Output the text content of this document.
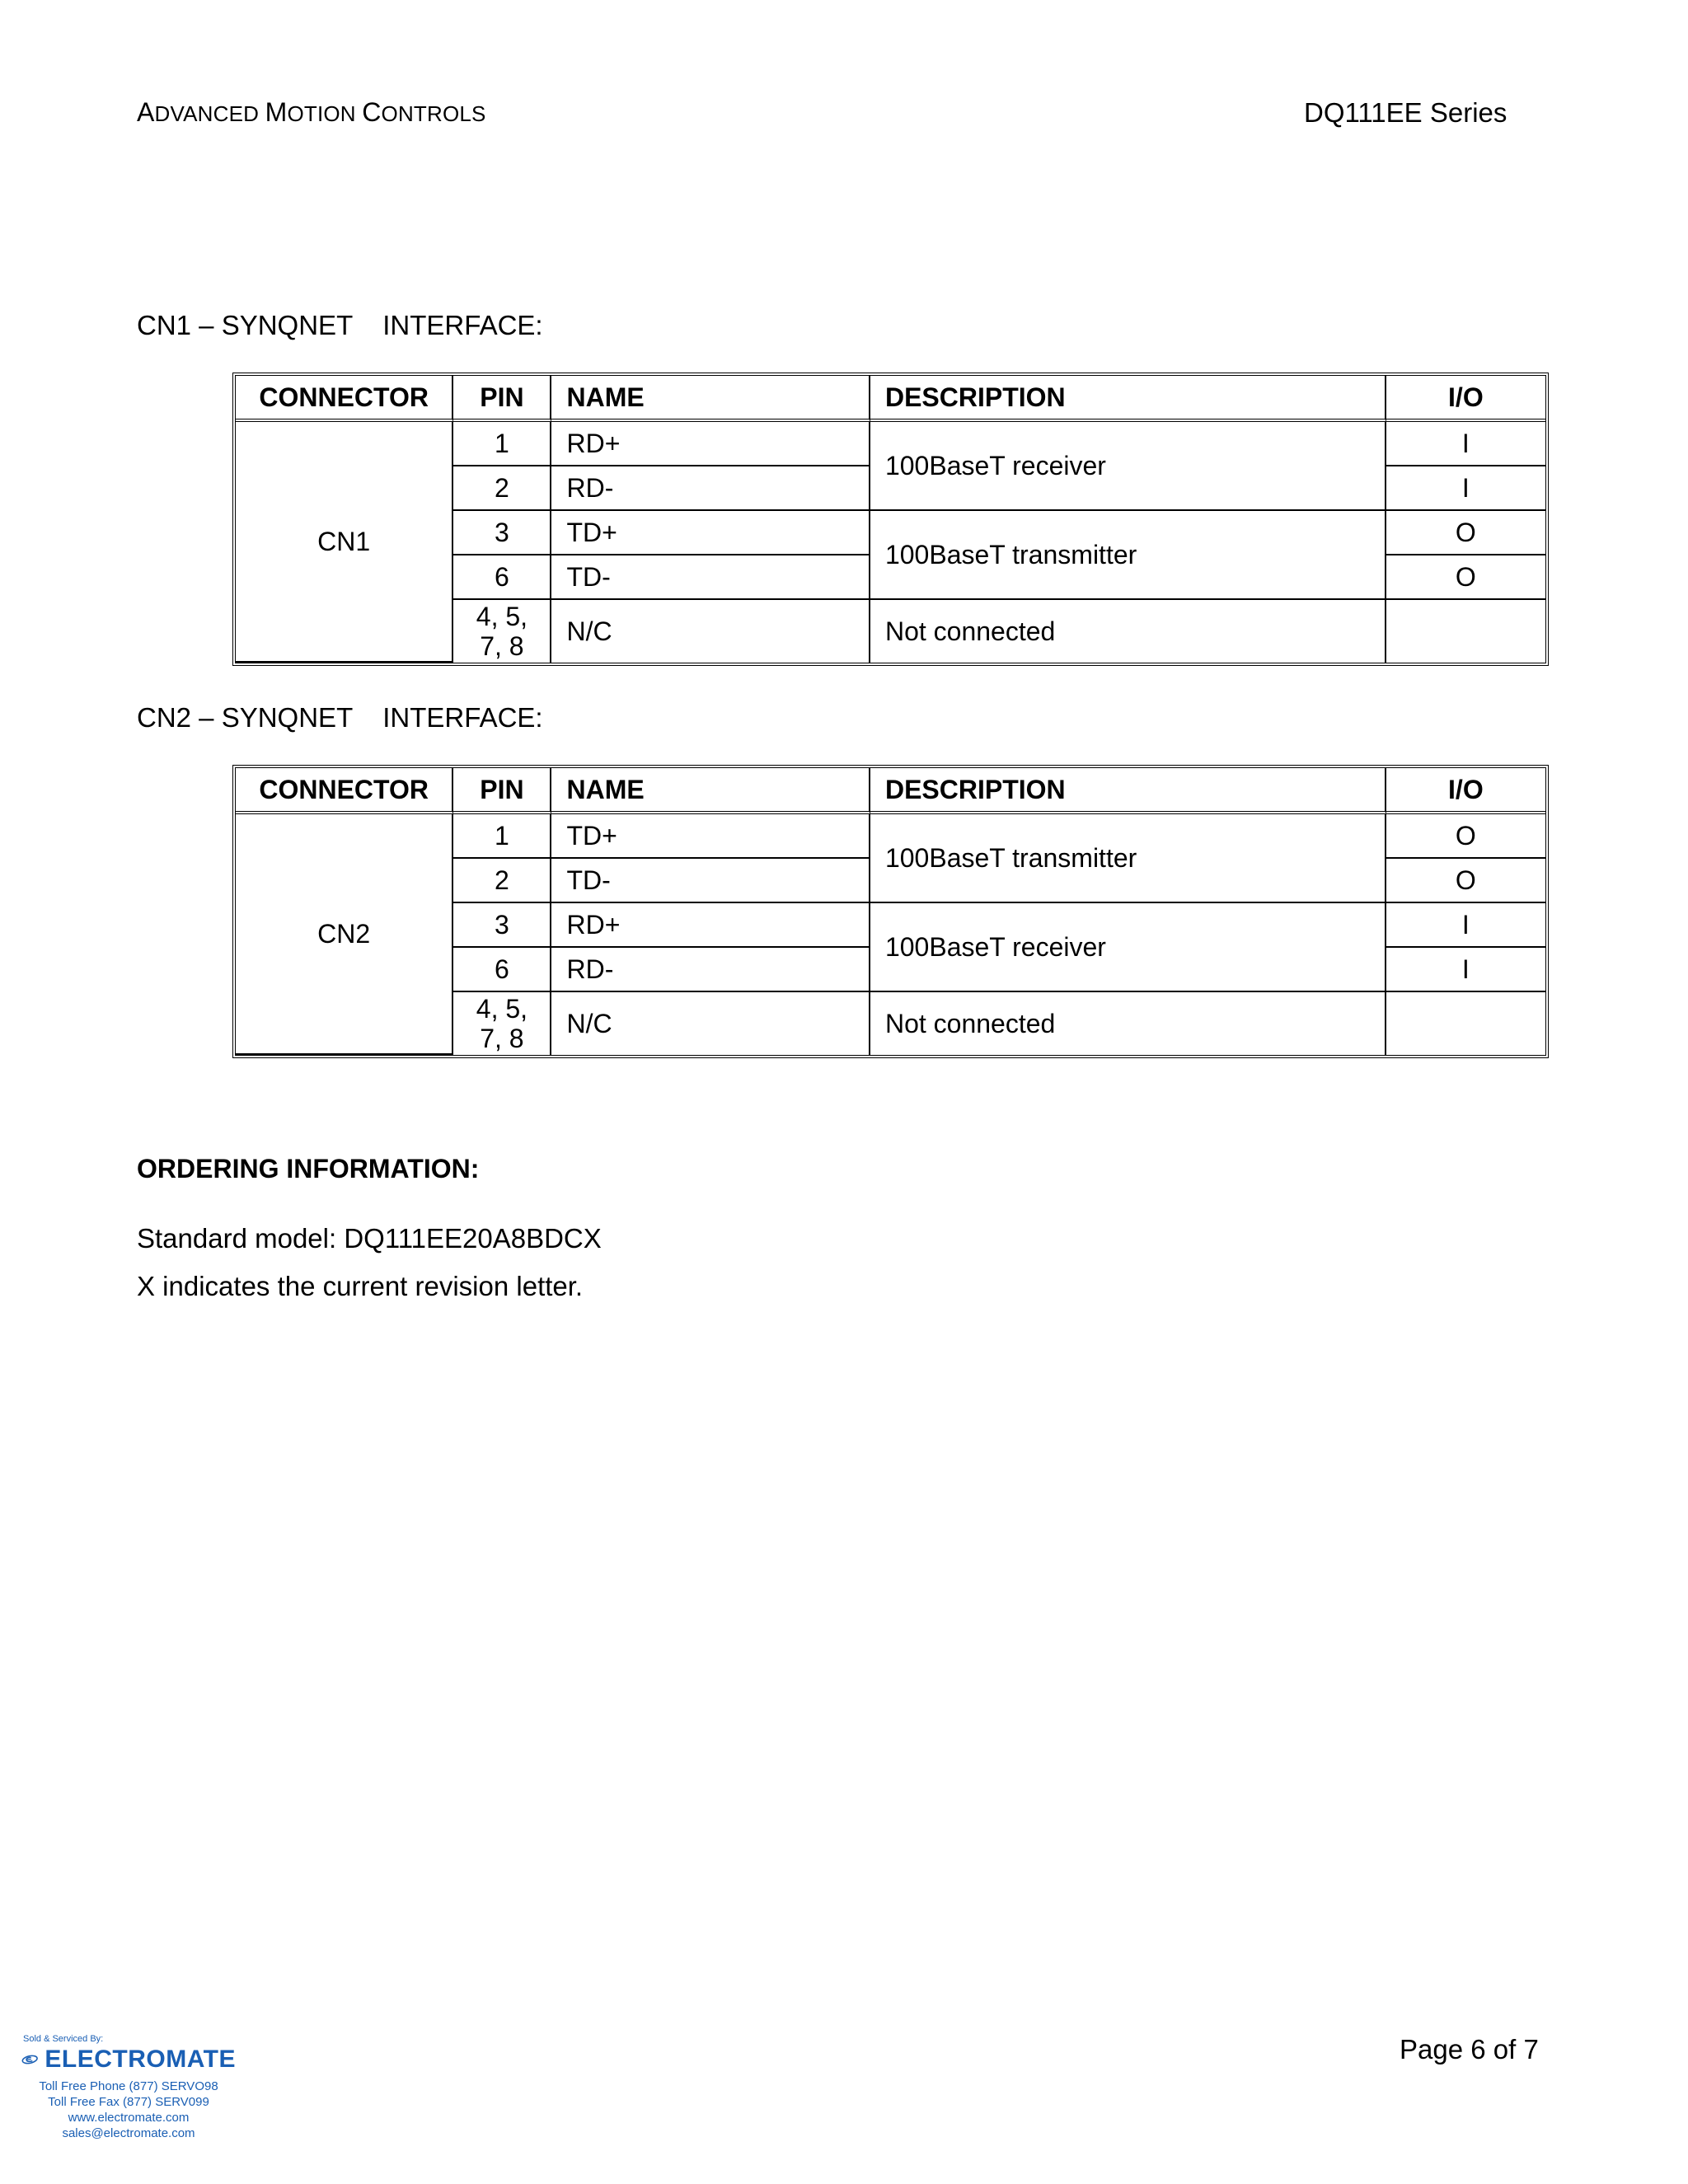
ADVANCED MOTION CONTROLS	DQ111EE Series
CN1 – SYNQNET INTERFACE:
CONNECTOR	PIN	NAME	DESCRIPTION	I/O
CN1	1	RD+	100BaseT receiver	I
	2	RD-		I
	3	TD+	100BaseT transmitter	O
	6	TD-		O
	4, 5,
7, 8	N/C	Not connected	
CN2 – SYNQNET INTERFACE:
CONNECTOR	PIN	NAME	DESCRIPTION	I/O
CN2	1	TD+	100BaseT transmitter	O
	2	TD-		O
	3	RD+	100BaseT receiver	I
	6	RD-		I
	4, 5,
7, 8	N/C	Not connected	
ORDERING INFORMATION:
Standard model: DQ111EE20A8BDCX
X indicates the current revision letter.
Sold & Serviced By:
ELECTROMATE
Toll Free Phone (877) SERVO98
Toll Free Fax (877) SERV099
www.electromate.com
sales@electromate.com
Page 6 of 7
